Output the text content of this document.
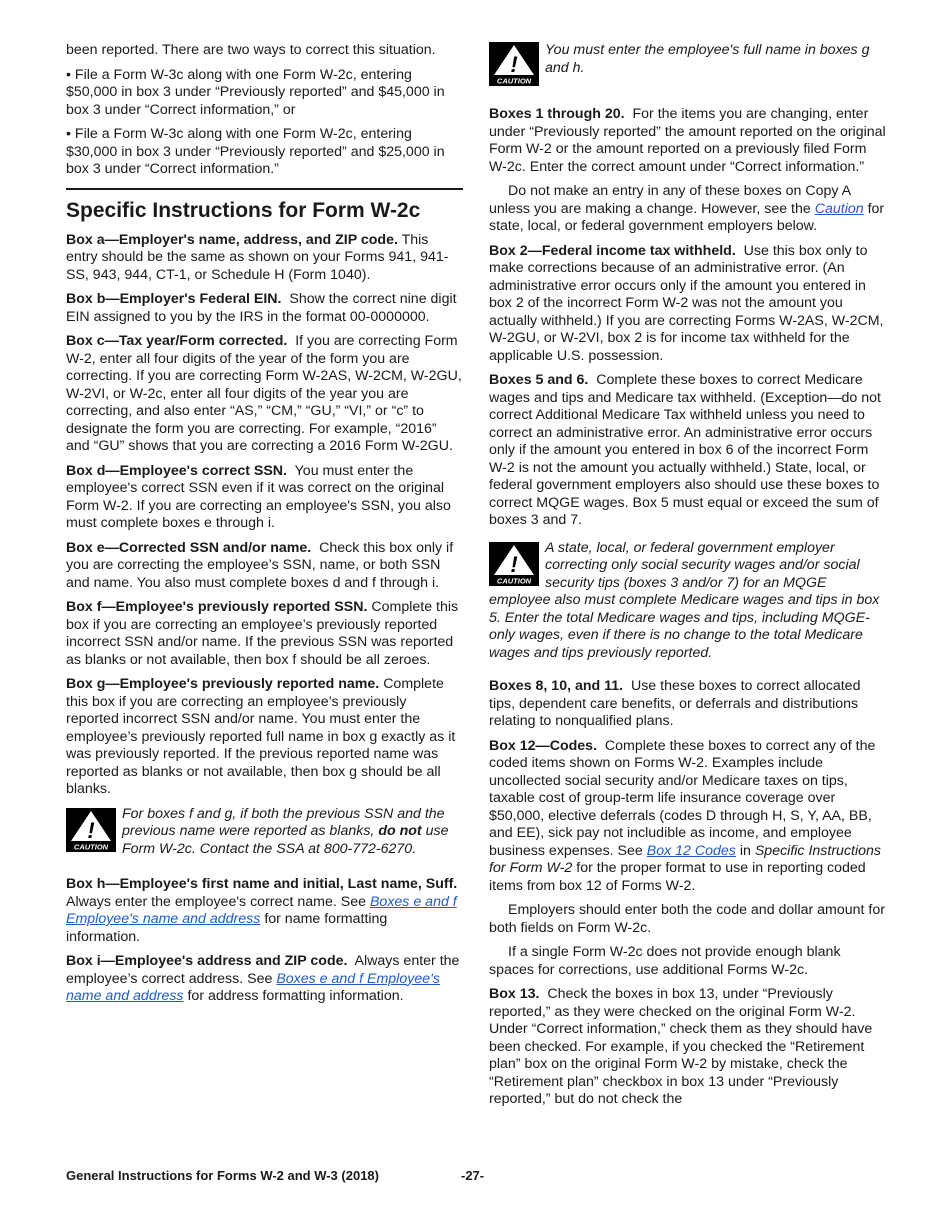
been reported. There are two ways to correct this situation.

• File a Form W-3c along with one Form W-2c, entering $50,000 in box 3 under “Previously reported” and $45,000 in box 3 under “Correct information,” or

• File a Form W-3c along with one Form W-2c, entering $30,000 in box 3 under “Previously reported” and $25,000 in box 3 under “Correct information.”

Specific Instructions for Form W-2c

Box a—Employer's name, address, and ZIP code. This entry should be the same as shown on your Forms 941, 941-SS, 943, 944, CT-1, or Schedule H (Form 1040).

Box b—Employer's Federal EIN. Show the correct nine digit EIN assigned to you by the IRS in the format 00-0000000.

Box c—Tax year/Form corrected. If you are correcting Form W-2, enter all four digits of the year of the form you are correcting. If you are correcting Form W-2AS, W-2CM, W-2GU, W-2VI, or W-2c, enter all four digits of the year you are correcting, and also enter “AS,” “CM,” “GU,” “VI,” or “c” to designate the form you are correcting. For example, “2016” and “GU” shows that you are correcting a 2016 Form W-2GU.

Box d—Employee's correct SSN. You must enter the employee's correct SSN even if it was correct on the original Form W-2. If you are correcting an employee's SSN, you also must complete boxes e through i.

Box e—Corrected SSN and/or name. Check this box only if you are correcting the employee’s SSN, name, or both SSN and name. You also must complete boxes d and f through i.

Box f—Employee's previously reported SSN. Complete this box if you are correcting an employee’s previously reported incorrect SSN and/or name. If the previous SSN was reported as blanks or not available, then box f should be all zeroes.

Box g—Employee's previously reported name. Complete this box if you are correcting an employee’s previously reported incorrect SSN and/or name. You must enter the employee’s previously reported full name in box g exactly as it was previously reported. If the previous reported name was reported as blanks or not available, then box g should be all blanks.

!
CAUTION
For boxes f and g, if both the previous SSN and the previous name were reported as blanks, do not use Form W-2c. Contact the SSA at 800-772-6270.

Box h—Employee's first name and initial, Last name, Suff.  Always enter the employee's correct name. See Boxes e and f Employee's name and address for name formatting information.

Box i—Employee's address and ZIP code. Always enter the employee’s correct address. See Boxes e and f Employee's name and address for address formatting information.

!
CAUTION
You must enter the employee's full name in boxes g and h.

Boxes 1 through 20. For the items you are changing, enter under “Previously reported” the amount reported on the original Form W-2 or the amount reported on a previously filed Form W-2c. Enter the correct amount under “Correct information.”

Do not make an entry in any of these boxes on Copy A unless you are making a change. However, see the Caution for state, local, or federal government employers below.

Box 2—Federal income tax withheld. Use this box only to make corrections because of an administrative error. (An administrative error occurs only if the amount you entered in box 2 of the incorrect Form W-2 was not the amount you actually withheld.) If you are correcting Forms W-2AS, W-2CM, W-2GU, or W-2VI, box 2 is for income tax withheld for the applicable U.S. possession.

Boxes 5 and 6. Complete these boxes to correct Medicare wages and tips and Medicare tax withheld. (Exception—do not correct Additional Medicare Tax withheld unless you need to correct an administrative error. An administrative error occurs only if the amount you entered in box 6 of the incorrect Form W-2 is not the amount you actually withheld.) State, local, or federal government employers also should use these boxes to correct MQGE wages. Box 5 must equal or exceed the sum of boxes 3 and 7.

!
CAUTION
A state, local, or federal government employer correcting only social security wages and/or social security tips (boxes 3 and/or 7) for an MQGE employee also must complete Medicare wages and tips in box 5. Enter the total Medicare wages and tips, including MQGE-only wages, even if there is no change to the total Medicare wages and tips previously reported.

Boxes 8, 10, and 11. Use these boxes to correct allocated tips, dependent care benefits, or deferrals and distributions relating to nonqualified plans.

Box 12—Codes. Complete these boxes to correct any of the coded items shown on Forms W-2. Examples include uncollected social security and/or Medicare taxes on tips, taxable cost of group-term life insurance coverage over $50,000, elective deferrals (codes D through H, S, Y, AA, BB, and EE), sick pay not includible as income, and employee business expenses. See Box 12 Codes in Specific Instructions for Form W-2 for the proper format to use in reporting coded items from box 12 of Forms W-2.

Employers should enter both the code and dollar amount for both fields on Form W-2c.

If a single Form W-2c does not provide enough blank spaces for corrections, use additional Forms W-2c.

Box 13. Check the boxes in box 13, under “Previously reported,” as they were checked on the original Form W-2. Under “Correct information,” check them as they should have been checked. For example, if you checked the “Retirement plan” box on the original Form W-2 by mistake, check the “Retirement plan” checkbox in box 13 under “Previously reported,” but do not check the

General Instructions for Forms W-2 and W-3 (2018)	-27-
